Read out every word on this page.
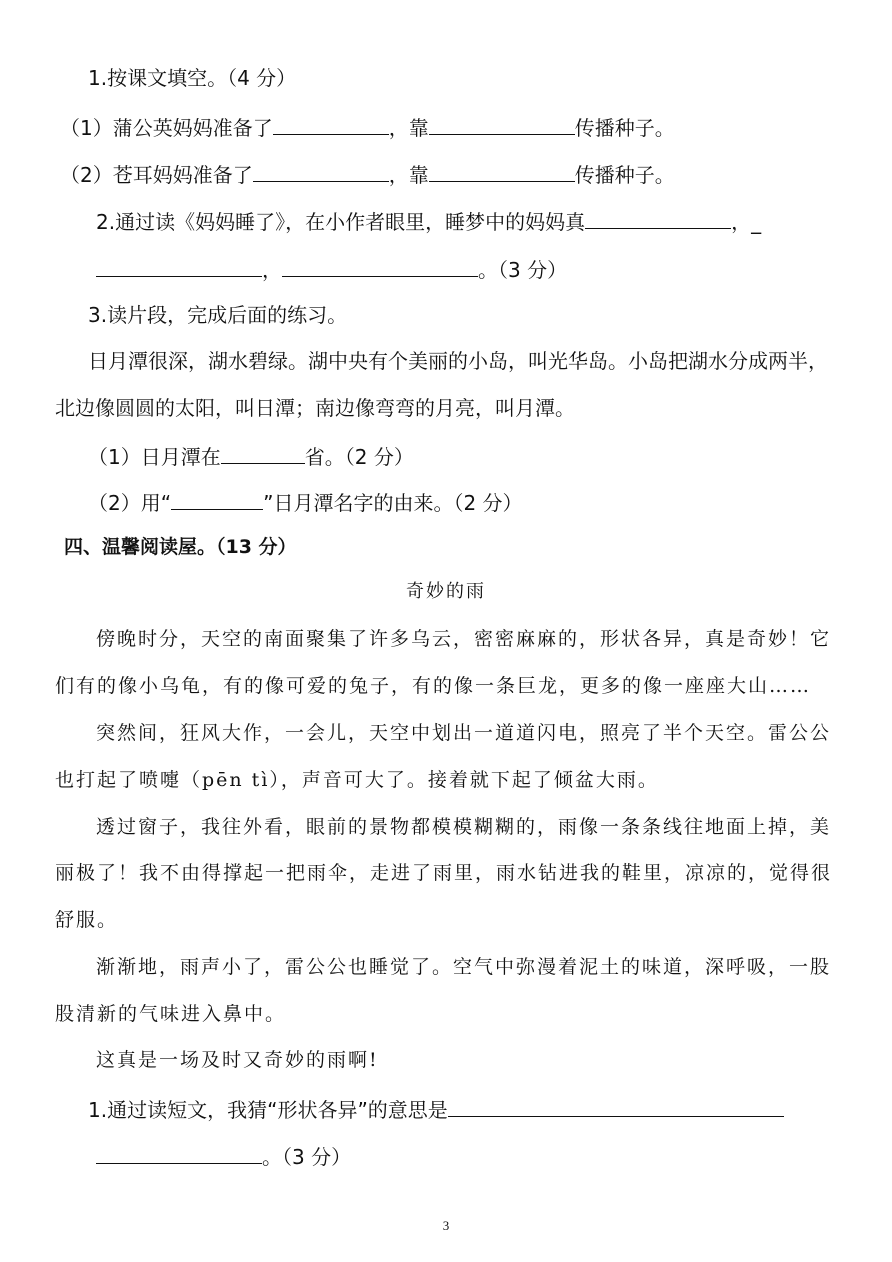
1.按课文填空。（4 分）
（1）蒲公英妈妈准备了	，靠	传播种子。
（2）苍耳妈妈准备了	，靠	传播种子。
2.通过读《妈妈睡了》，在小作者眼里，睡梦中的妈妈真	，_
，	。（3 分）
3.读片段，完成后面的练习。
日月潭很深，湖水碧绿。湖中央有个美丽的小岛，叫光华岛。小岛把湖水分成两半，
北边像圆圆的太阳，叫日潭；南边像弯弯的月亮，叫月潭。
（1）日月潭在	省。（2 分）
（2）用“	”日月潭名字的由来。（2 分）
四、温馨阅读屋。（13 分）
奇妙的雨
傍晚时分，天空的南面聚集了许多乌云，密密麻麻的，形状各异，真是奇妙！它
们有的像小乌龟，有的像可爱的兔子，有的像一条巨龙，更多的像一座座大山……
突然间，狂风大作，一会儿，天空中划出一道道闪电，照亮了半个天空。雷公公
也打起了喷嚏（pēn tì），声音可大了。接着就下起了倾盆大雨。
透过窗子，我往外看，眼前的景物都模模糊糊的，雨像一条条线往地面上掉，美
丽极了！我不由得撑起一把雨伞，走进了雨里，雨水钻进我的鞋里，凉凉的，觉得很
舒服。
渐渐地，雨声小了，雷公公也睡觉了。空气中弥漫着泥土的味道，深呼吸，一股
股清新的气味进入鼻中。
这真是一场及时又奇妙的雨啊!
1.通过读短文，我猜“形状各异”的意思是
。（3 分）
3
